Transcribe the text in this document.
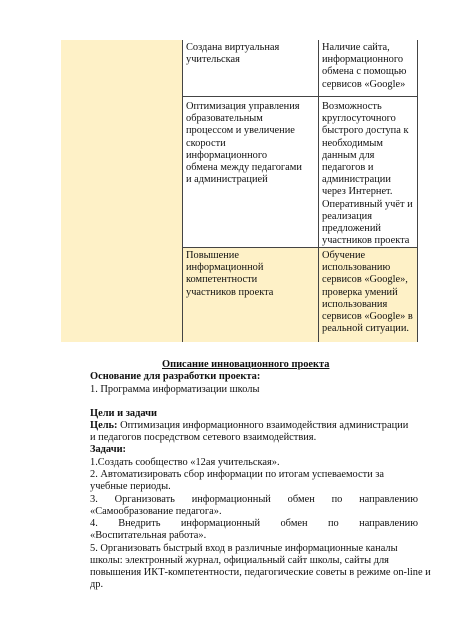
Создана виртуальная
учительская
Наличие сайта,
информационного
обмена с помощью
сервисов «Google»
Оптимизация управления
образовательным
процессом и увеличение
скорости
информационного
обмена между педагогами
и администрацией
Возможность
круглосуточного
быстрого доступа к
необходимым
данным для
педагогов и
администрации
через Интернет.
Оперативный учёт и
реализация
предложений
участников проекта
Повышение
информационной
компетентности
участников проекта
Обучение
использованию
сервисов «Google»,
проверка умений
использования
сервисов «Google» в
реальной ситуации.
Описание инновационного проекта
Основание для разработки проекта:
1. Программа информатизации школы
Цели и задачи
Цель: Оптимизация информационного взаимодействия администрации
и педагогов посредством сетевого взаимодействия.
Задачи:
1.Создать сообщество «12ая учительская».
2. Автоматизировать сбор информации по итогам успеваемости за
учебные периоды.
3. Организовать информационный обмен по направлению
«Самообразование педагога».
4. Внедрить информационный обмен по направлению
«Воспитательная работа».
5. Организовать быстрый вход в различные информационные каналы
школы: электронный журнал, официальный сайт школы, сайты для
повышения ИКТ-компетентности, педагогические советы в режиме on-line и
др.
